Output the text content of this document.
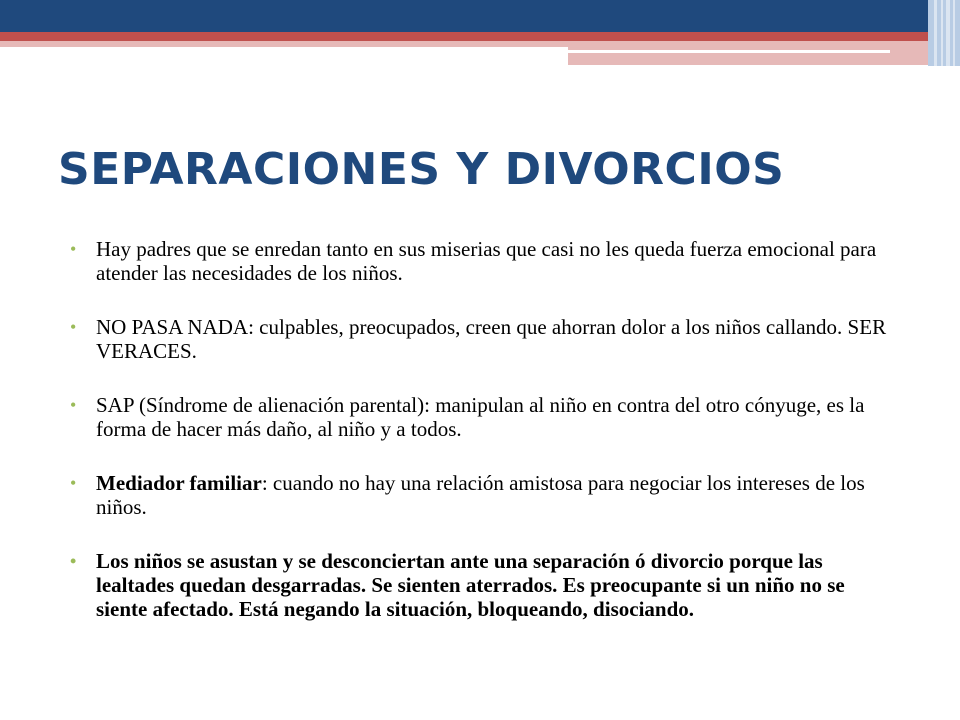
SEPARACIONES Y DIVORCIOS
• Hay padres que se enredan tanto en sus miserias que casi no les queda fuerza emocional para atender las necesidades de los niños.
• NO PASA NADA: culpables, preocupados, creen que ahorran dolor a los niños callando. SER VERACES.
• SAP (Síndrome de alienación parental): manipulan al niño en contra del otro cónyuge, es la forma de hacer más daño, al niño y a todos.
• Mediador familiar: cuando no hay una relación amistosa para negociar los intereses de los niños.
• Los niños se asustan y se desconciertan ante una separación ó divorcio porque las lealtades quedan desgarradas. Se sienten aterrados. Es preocupante si un niño no se siente afectado. Está negando la situación, bloqueando, disociando.
